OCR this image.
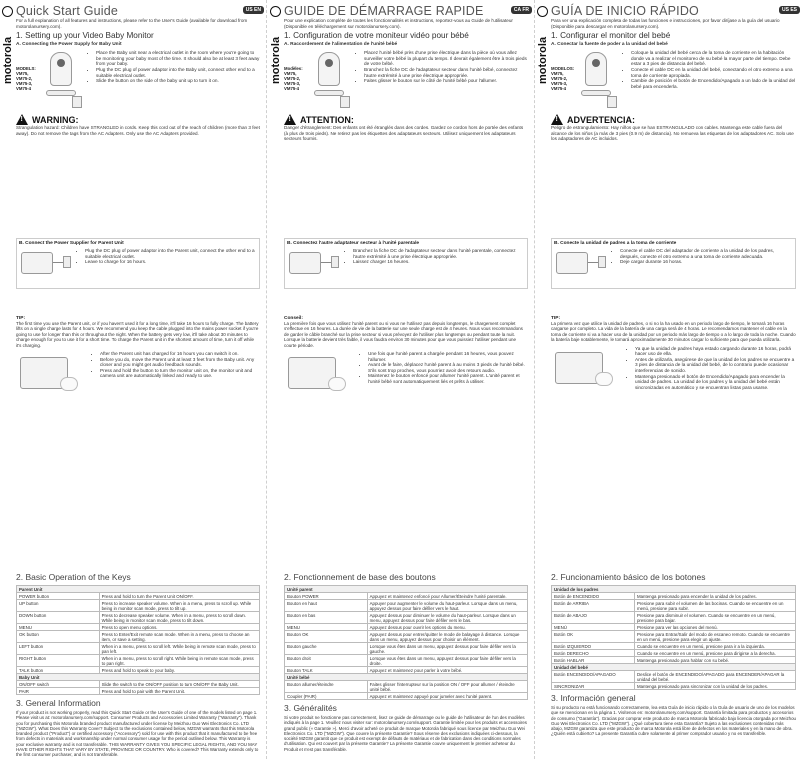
motorola
US EN
Quick Start Guide
For a full explanation of all features and instructions, please refer to the User's Guide (available for download from motorolanursery.com).
1. Setting up your Video Baby Monitor
A. Connecting the Power Supply for Baby Unit
MODELS:
VM75,
VM75-2,
VM75-3,
VM75-4
• Place the Baby unit near a electrical outlet in the room where you're going to be monitoring your baby most of the time. It should also be at least 3 feet away from your baby.
• Plug the DC plug of power adaptor into the Baby unit, connect other end to a suitable electrical outlet.
• Slide the button on the side of the baby unit up to turn it on.
!
WARNING:
Strangulation hazard: Children have STRANGLED in cords. Keep this cord out of the reach of children (more than 3 feet away). Do not remove the tags from the AC Adapters. Only use the AC Adapters provided.
B. Connect the Power Supplier for Parent Unit
• Plug the DC plug of power adaptor into the Parent unit, connect the other end to a suitable electrical outlet.
• Leave to charge for 16 hours.
TIP:
The first time you use the Parent unit, or if you haven't used it for a long time, it'll take 16 hours to fully charge. The battery lifts on a single charge lasts for 4 hours. We recommend you keep the cable plugged into the mains power socket if you're going to use for longer than this or throughout the night. When the battery gets very low, it'll take about 30 minutes to charge enough for you to use it for a short time. To charge the Parent unit in the shortest amount of time, turn it off while it's charging.
• After the Parent unit has charged for 16 hours you can switch it on.
• Before you do, move the Parent unit at least 3 feet from the Baby unit. Any closer and you might get audio feedback sounds.
• Press and hold the button to turn the monitor unit on, the monitor unit and camera unit are automatically linked and ready to use.
2. Basic Operation of the Keys
Parent Unit	
POWER button	Press and hold to turn the Parent Unit ON/OFF.
UP button	Press to increase speaker volume. When in a menu, press to scroll up. While being in monitor scan mode, press to tilt up.
DOWN button	Press to decrease speaker volume. When in a menu, press to scroll down. While being in monitor scan mode, press to tilt down.
MENU	Press to open menu options.
OK button	Press to Enter/Exit remote scan mode. When in a menu, press to choose an item, or save a setting.
LEFT button	When in a menu, press to scroll left. While being in remote scan mode, press to pan left.
RIGHT button	When in a menu, press to scroll right. While being in remote scan mode, press to pan right.
TALK button	Press and hold to speak to your baby.
Baby Unit	
ON/OFF switch	Slide the switch to the ON/OFF position to turn ON/OFF the Baby Unit.
PAIR	Press and hold to pair with the Parent Unit.
3. General Information
If your product is not working properly, read this Quick Start Guide or the User's Guide of one of the models listed on page 1. Please visit us at: motorolanursery.com/support. Consumer Products and Accessories Limited Warranty ("Warranty"). Thank you for purchasing this Motorola branded product manufactured under license by Meizhou Guo Wei Electronics Co. LTD ("MZGW"). What Does this Warranty Cover? Subject to the exclusions contained below, MZGW warrants that this Motorola branded product ("Product") or certified accessory ("Accessory") sold for use with this product that it manufactured to be free from defects in materials and workmanship under normal consumer usage for the period outlined below. This Warranty is your exclusive warranty and is not transferable. THIS WARRANTY GIVES YOU SPECIFIC LEGAL RIGHTS, AND YOU MAY HAVE OTHER RIGHTS THAT VARY BY STATE, PROVINCE OR COUNTRY. Who is covered? This Warranty extends only to the first consumer purchaser, and is not transferable.
motorola
CA FR
GUIDE DE DÉMARRAGE RAPIDE
Pour une explication complète de toutes les fonctionnalités et instructions, reportez-vous au Guide de l'utilisateur (Disponible en téléchargement sur motorolanursery.com).
1. Configuration de votre moniteur vidéo pour bébé
A. Raccordement de l'alimentation de l'unité bébé
Modèles:
VM75,
VM75-2,
VM75-3,
VM75-4
• Placez l'unité bébé près d'une prise électrique dans la pièce où vous allez surveiller votre bébé la plupart du temps. Il devrait également être à trois pieds de votre bébé.
• Branchez la fiche DC de l'adaptateur secteur dans l'unité bébé, connectez l'autre extrémité à une prise électrique appropriée.
• Faites glisser le bouton sur le côté de l'unité bébé pour l'allumer.
!
ATTENTION:
Danger d'étranglement: Des enfants ont été étranglés dans des cordes. Gardez ce cordon hors de portée des enfants (à plus de trois pieds). Ne retirez pas les étiquettes des adaptateurs secteurs. Utilisez uniquement les adaptateurs secteurs fournis.
B. Connectez l'autre adaptateur secteur à l'unité parentale
• Branchez la fiche DC de l'adaptateur secteur dans l'unité parentale, connectez l'autre extrémité à une prise électrique appropriée.
• Laissez charger 16 heures.
Conseil:
La première fois que vous utilisez l'unité parent ou si vous ne l'utilisez pas depuis longtemps, le chargement complet s'effectue en 16 heures. La durée de vie de la batterie sur une seule charge est de 4 heures. Nous vous recommandons de garder le câble branché sur la prise secteur si vous prévoyez de l'utiliser plus longtemps ou pendant toute la nuit. Lorsque la batterie devient très faible, il vous faudra environ 30 minutes pour que vous puissiez l'utiliser pendant une courte période.
• Une fois que l'unité parent a chargée pendant 16 heures, vous pouvez l'allumer.
• Avant de le faire, déplacez l'unité parent à au moins 3 pieds de l'unité bébé. S'ils sont trop proches, vous pourriez avoir des retours audio.
• Maintenez le bouton enfoncé pour allumer l'unité parent. L'unité parent et l'unité bébé sont automatiquement liés et prêts à utiliser.
2. Fonctionnement de base des boutons
Unité parent	
Bouton POWER	Appuyez et maintenez enfoncé pour Allumer/Éteindre l'unité parentale.
Bouton en haut	Appuyer pour augmenter le volume du haut-parleur. Lorsque dans un menu, appuyez dessus pour faire défiler vers le haut.
Bouton en bas	Appuyez dessus pour diminuer le volume du haut-parleur. Lorsque dans un menu, appuyez dessus pour faire défiler vers le bas.
MENU	Appuyez dessus pour ouvrir les options du menu.
Bouton OK	Appuyez dessus pour entrer/quitter le mode de balayage à distance. Lorsque dans un menu, appuyez dessus pour choisir un élément.
Bouton gauche	Lorsque vous êtes dans un menu, appuyez dessus pour faire défiler vers la gauche.
Bouton droit	Lorsque vous êtes dans un menu, appuyez dessus pour faire défiler vers la droite.
Bouton TALK	Appuyez et maintenez pour parler à votre bébé.
Unité bébé	
Bouton allumer/éteindre	Faites glisser l'interrupteur sur la position ON / OFF pour allumer / éteindre unité bébé.
Coupler (PAIR)	Appuyez et maintenez appuyé pour jumeler avec l'unité parent.
3. Généralités
Si votre produit ne fonctionne pas correctement, lisez ce guide de démarrage ou le guide de l'utilisateur de l'un des modèles indiqués à la page 1. Veuillez nous visiter sur: motorolanursery.com/support. Garantie limitée pour les produits et accessoires grand public (« Garantie »). Merci d'avoir acheté ce produit de marque Motorola fabriqué sous licence par Meizhou Guo Wei Electronics Co. LTD ("MZGW"). Que couvre la présente Garantie? Sous réserve des exclusions indiquées ci-dessous, la société MZGW garantit que ce produit est exempt de défauts de matériaux et de fabrication dans des conditions normales d'utilisation. Qui est couvert par la présente Garantie? La présente Garantie couvre uniquement le premier acheteur du Produit et n'est pas transférable.
motorola
US ES
GUÍA DE INICIO RÁPIDO
Para ver una explicación completa de todas las funciones e instrucciones, por favor diríjase a la guía del usuario (Disponible para descargar en motorolanursery.com).
1. Configurar el monitor del bebé
A. Conectar la fuente de poder a la unidad del bebé
MODELOS:
VM75,
VM75-2,
VM75-3,
VM75-4
• Coloque la unidad del bebé cerca de la toma de corriente en la habitación donde va a realizar el monitoreo de su bebé la mayor parte del tiempo. Debe estar a 3 pies de distancia del bebé.
• Conecte el cable DC en la unidad del bebé, conectando el otro extremo a una toma de corriente apropiada.
• Cambie de posición el botón de Encendido/Apagado a un lado de la unidad del bebé para encenderla.
!
ADVERTENCIA:
Peligro de estrangulamiento: Hay niños que se han ESTRANGULADO con cables. Mantenga este cable fuera del alcance de los niños (a más de 3 pies (0.9 m) de distancia). No remueva las etiquetas de los adaptadores AC. Solo use los adaptadores de AC incluidos.
B. Conecte la unidad de padres a la toma de corriente
• Conecte el cable DC del adaptador de corriente a la unidad de los padres, después, conecte el otro extremo a una toma de corriente adecuada.
• Deje cargar durante 16 horas.
TIP:
La primera vez que utilice la unidad de padres, o si no la ha usado en un periodo largo de tiempo, le tomará 16 horas cargarse por completo. La vida de la batería de una carga será de 4 horas. Le recomendamos mantener el cable en la toma de corriente si va a hacer uso de la unidad por un periodo más largo de tiempo o a lo largo de toda la noche. Cuando la batería baje notablemente, le tomará aproximadamente 30 minutos cargar lo suficiente para que pueda utilizarla.
• Ya que la unidad de padres haya estado cargando durante 16 horas, podrá hacer uso de ella.
• Antes de utilizarla, asegúrese de que la unidad de los padres se encuentre a 3 pies de distancia de la unidad del bebé, de lo contrario puede ocasionar interferencias de sonido.
• Mantenga presionado el botón de Encendido/Apagado para encender la unidad de padres. La unidad de los padres y la unidad del bebé están sincronizadas en automático y se encuentran listas para usarse.
2. Funcionamiento básico de los botones
Unidad de los padres	
Botón de ENCENDIDO	Mantenga presionado para encender la unidad de los padres.
Botón de ARRIBA	Presione para subir el volumen de las bocinas. Cuando se encuentre en un menú, presione para subir.
Botón de ABAJO	Presione para disminuir el volumen. Cuando se encuentre en un menú, presione para bajar.
MENÚ	Presione para ver las opciones del menú.
Botón OK	Presione para Entrar/Salir del modo de escaneo remoto. Cuando se encuentre en un menú, presione para elegir un ajuste.
Botón IZQUIERDO	Cuando se encuentre en un menú, presione para ir a la izquierda.
Botón DERECHO	Cuando se encuentre en un menú, presione para dirigirse a la derecha.
Botón HABLAR	Mantenga presionado para hablar con su bebé.
Unidad del bebé	
Botón ENCENDIDO/APAGADO	Deslice el botón de ENCENDIDO/APAGADO para ENCENDER/APAGAR la unidad del bebé.
SINCRONIZAR	Mantenga presionado para sincronizar con la unidad de los padres.
3. Información general
Si su producto no está funcionando correctamente, lea esta Guía de inicio rápido o la Guía de usuario de uno de los modelos que se mencionan en la página 1. Visítenos en: motorolanursery.com/support. Garantía limitada para productos y accesorios de consumo ("Garantía"). Gracias por comprar este producto de marca Motorola fabricado bajo licencia otorgada por Meizhou Guo Wei Electronics Co. LTD ("MZGW"). ¿Qué cobertura tiene esta Garantía? Sujeto a las exclusiones contenidas más abajo, MZGW garantiza que este producto de marca Motorola está libre de defectos en los materiales y en la mano de obra. ¿Quién está cubierto? La presente Garantía cubre solamente al primer comprador usuario y no es transferible.
